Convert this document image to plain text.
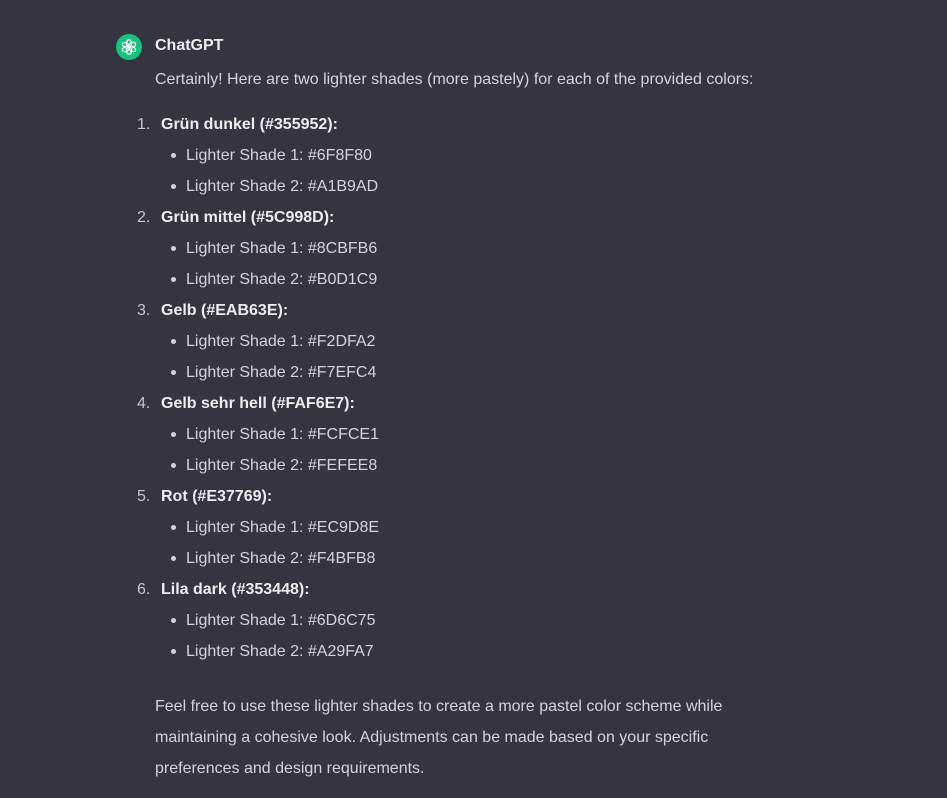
ChatGPT

Certainly! Here are two lighter shades (more pastely) for each of the provided colors:

1. Grün dunkel (#355952):
Lighter Shade 1: #6F8F80
Lighter Shade 2: #A1B9AD
2. Grün mittel (#5C998D):
Lighter Shade 1: #8CBFB6
Lighter Shade 2: #B0D1C9
3. Gelb (#EAB63E):
Lighter Shade 1: #F2DFA2
Lighter Shade 2: #F7EFC4
4. Gelb sehr hell (#FAF6E7):
Lighter Shade 1: #FCFCE1
Lighter Shade 2: #FEFEE8
5. Rot (#E37769):
Lighter Shade 1: #EC9D8E
Lighter Shade 2: #F4BFB8
6. Lila dark (#353448):
Lighter Shade 1: #6D6C75
Lighter Shade 2: #A29FA7

Feel free to use these lighter shades to create a more pastel color scheme while maintaining a cohesive look. Adjustments can be made based on your specific preferences and design requirements.
